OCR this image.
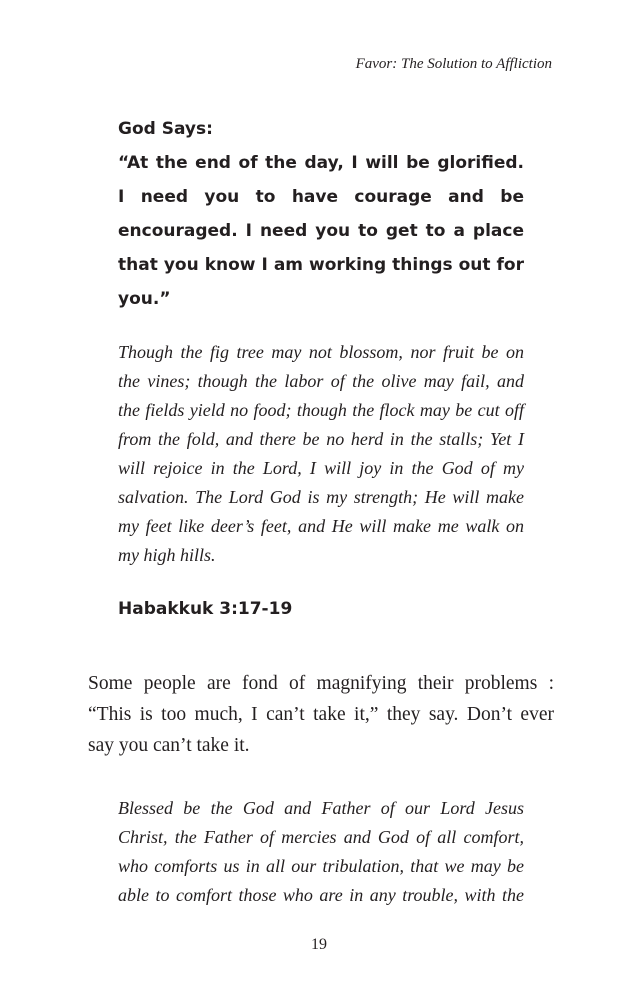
Favor: The Solution to Affliction
God Says:
“At the end of the day, I will be glorified.
I need you to have courage and be
encouraged. I need you to get to a place
that you know I am working things out for
you.”
Though the fig tree may not blossom, nor fruit be on
the vines; though the labor of the olive may fail, and
the fields yield no food; though the flock may be cut off
from the fold, and there be no herd in the stalls; Yet I
will rejoice in the Lord, I will joy in the God of my
salvation. The Lord God is my strength; He will make
my feet like deer’s feet, and He will make me walk on
my high hills.
Habakkuk 3:17-19
Some people are fond of magnifying their problems :
“This is too much, I can’t take it,” they say. Don’t ever
say you can’t take it.
Blessed be the God and Father of our Lord Jesus
Christ, the Father of mercies and God of all comfort,
who comforts us in all our tribulation, that we may be
able to comfort those who are in any trouble, with the
19
